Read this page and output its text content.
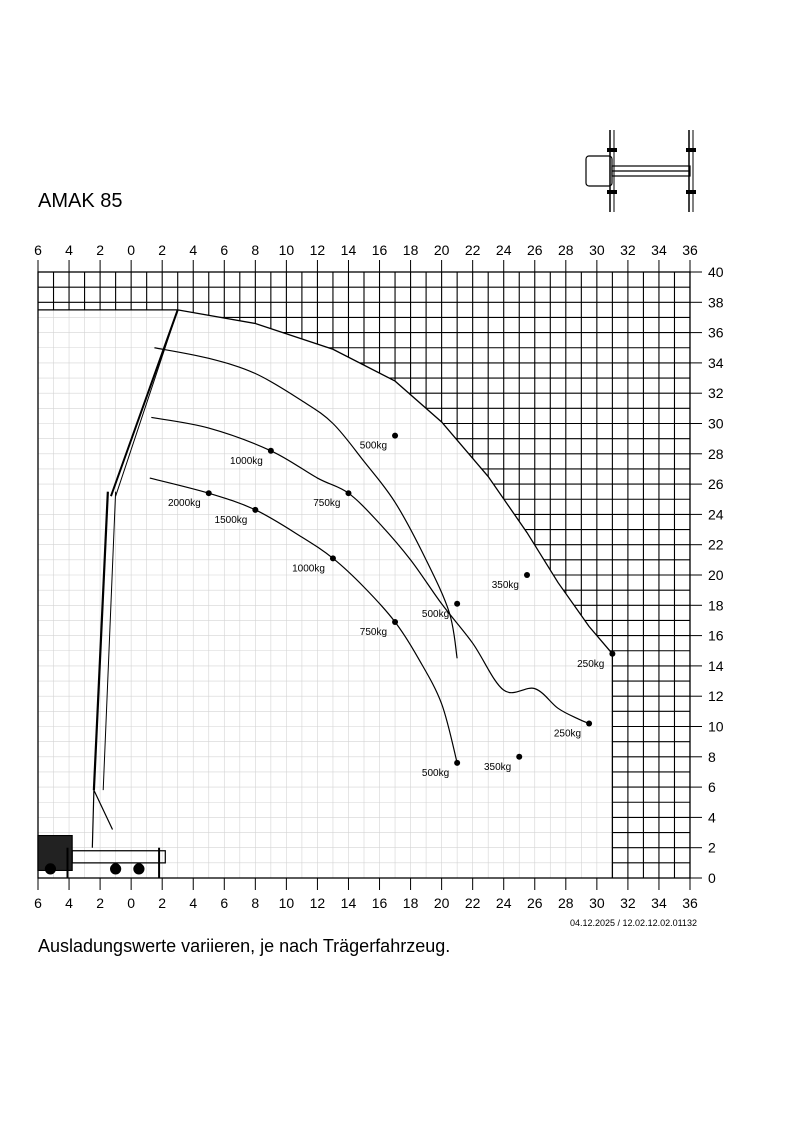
AMAK 85
500kg
350kg
250kg
1000kg
750kg
500kg
250kg
2000kg
1500kg
1000kg
750kg
500kg
350kg
6 4 2 0 2 4 6 8 10 12 14 16 18 20 22 24 26 28 30 32 34 36
6 4 2 0 2 4 6 8 10 12 14 16 18 20 22 24 26 28 30 32 34 36
0
2
4
6
8
10
12
14
16
18
20
22
24
26
28
30
32
34
36
38
40
04.12.2025 / 12.02.12.02.01132
Ausladungswerte variieren, je nach Trägerfahrzeug.
